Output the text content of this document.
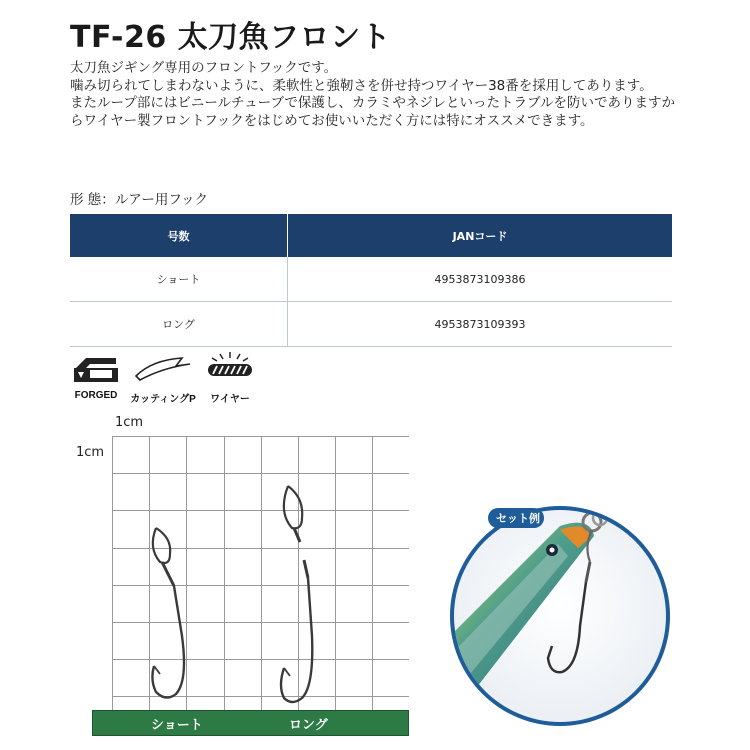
TF-26 太刀魚フロント

太刀魚ジギング専用のフロントフックです。

噛み切られてしまわないように、柔軟性と強靭さを併せ持つワイヤー38番を採用してあります。

またループ部にはビニールチューブで保護し、カラミやネジレといったトラブルを防いでありますからワイヤー製フロントフックをはじめてお使いいただく方には特にオススメできます。

形 態：ルアー用フック
号数	JANコード
ショート	4953873109386
ロング	4953873109393
FORGED	カッティングP	ワイヤー
1cm
1cm
ショート	ロング
セット例
